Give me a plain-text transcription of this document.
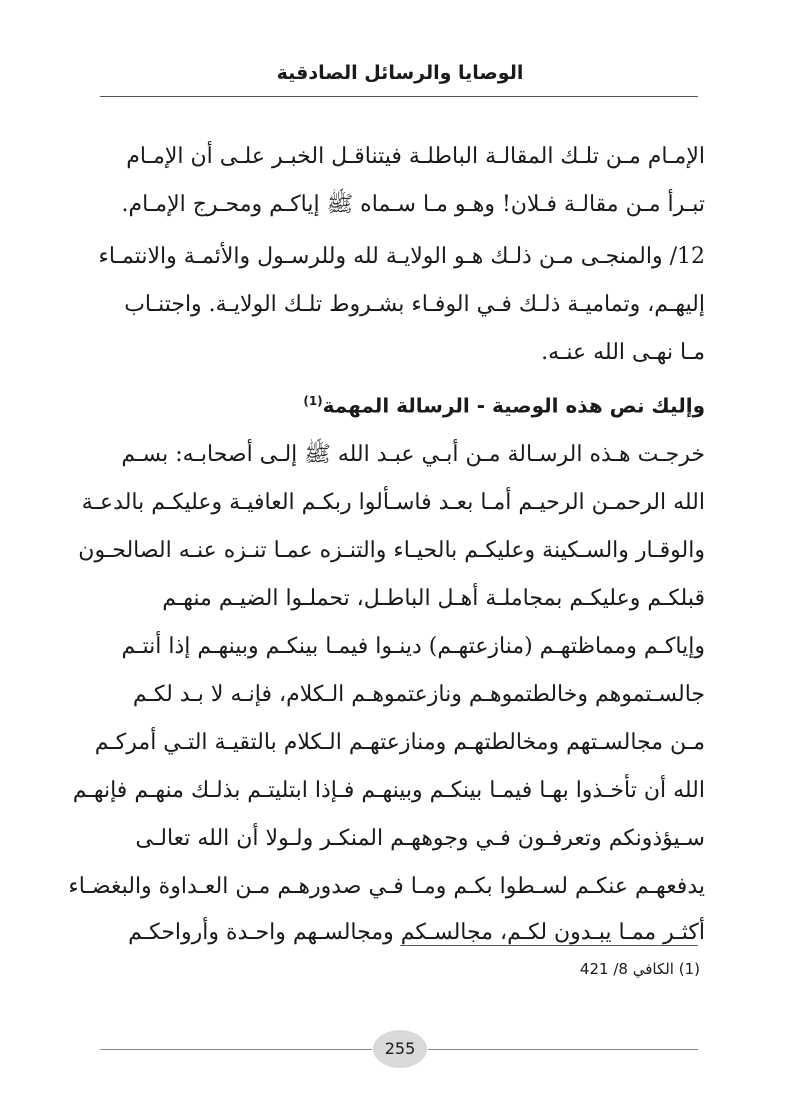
الوصايا والرسائل الصادقية
الإمـام مـن تلـك المقالـة الباطلـة فيتناقـل الخبـر علـى أن الإمـام
تبـرأ مـن مقالـة فـلان! وهـو مـا سـماه ﷺ إياكـم ومحـرج الإمـام.
12/ والمنجـى مـن ذلـك هـو الولايـة لله وللرسـول والأئمـة والانتمـاء
إليهـم، وتماميـة ذلـك فـي الوفـاء بشـروط تلـك الولايـة. واجتنـاب
مـا نهـى الله عنـه.
وإليك نص هذه الوصية - الرسالة المهمة$^{(1)}$
خرجـت هـذه الرسـالة مـن أبـي عبـد الله ﷺ إلـى أصحابـه: بسـم
الله الرحمـن الرحيـم أمـا بعـد فاسـألوا ربكـم العافيـة وعليكـم بالدعـة
والوقـار والسـكينة وعليكـم بالحيـاء والتنـزه عمـا تنـزه عنـه الصالحـون
قبلكـم وعليكـم بمجاملـة أهـل الباطـل، تحملـوا الضيـم منهـم
وإياكـم ومماظتهـم (منازعتهـم) دينـوا فيمـا بينكـم وبينهـم إذا أنتـم
جالسـتموهم وخالطتموهـم ونازعتموهـم الـكلام، فإنـه لا بـد لكـم
مـن مجالسـتهم ومخالطتهـم ومنازعتهـم الـكلام بالتقيـة التـي أمركـم
الله أن تأخـذوا بهـا فيمـا بينكـم وبينهـم فـإذا ابتليتـم بذلـك منهـم فإنهـم
سـيؤذونكم وتعرفـون فـي وجوههـم المنكـر ولـولا أن الله تعالـى
يدفعهـم عنكـم لسـطوا بكـم ومـا فـي صدورهـم مـن العـداوة والبغضـاء
أكثـر ممـا يبـدون لكـم، مجالسـكم ومجالسـهم واحـدة وأرواحكـم
(1) الكافي 8/ 421
255
